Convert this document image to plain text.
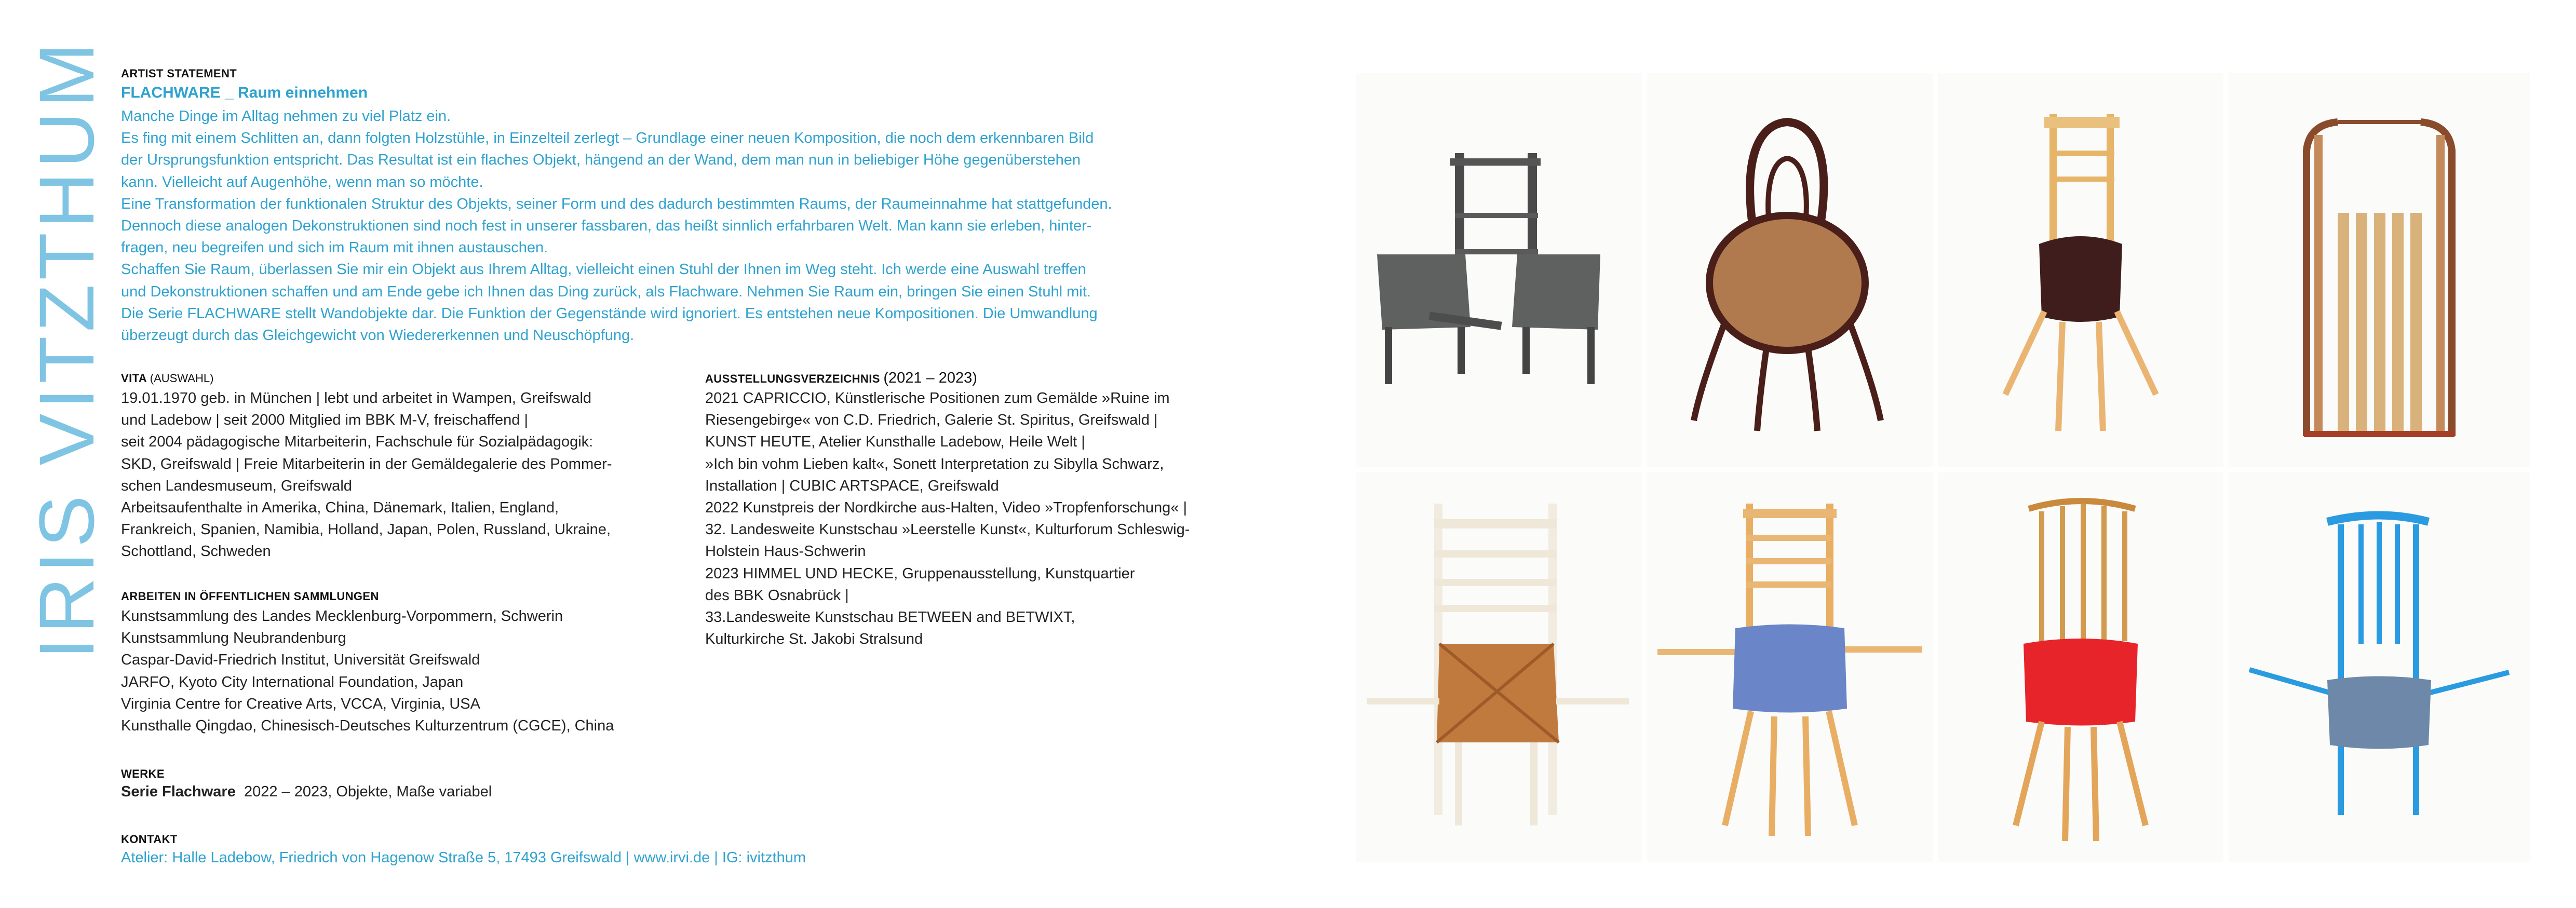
IRIS VITZTHUM ARTIST STATEMENT
FLACHWARE _ Raum einnehmen
Manche Dinge im Alltag nehmen zu viel Platz ein.
Es fing mit einem Schlitten an, dann folgten Holzstühle, in Einzelteil zerlegt – Grundlage einer neuen Komposition, die noch dem erkennbaren Bild
der Ursprungsfunktion entspricht. Das Resultat ist ein flaches Objekt, hängend an der Wand, dem man nun in beliebiger Höhe gegenüberstehen
kann. Vielleicht auf Augenhöhe, wenn man so möchte.
Eine Transformation der funktionalen Struktur des Objekts, seiner Form und des dadurch bestimmten Raums, der Raumeinnahme hat stattgefunden.
Dennoch diese analogen Dekonstruktionen sind noch fest in unserer fassbaren, das heißt sinnlich erfahrbaren Welt. Man kann sie erleben, hinter-
fragen, neu begreifen und sich im Raum mit ihnen austauschen.
Schaffen Sie Raum, überlassen Sie mir ein Objekt aus Ihrem Alltag, vielleicht einen Stuhl der Ihnen im Weg steht. Ich werde eine Auswahl treffen
und Dekonstruktionen schaffen und am Ende gebe ich Ihnen das Ding zurück, als Flachware. Nehmen Sie Raum ein, bringen Sie einen Stuhl mit.
Die Serie FLACHWARE stellt Wandobjekte dar. Die Funktion der Gegenstände wird ignoriert. Es entstehen neue Kompositionen. Die Umwandlung
überzeugt durch das Gleichgewicht von Wiedererkennen und Neuschöpfung.
VITA (AUSWAHL)
19.01.1970 geb. in München | lebt und arbeitet in Wampen, Greifswald
und Ladebow | seit 2000 Mitglied im BBK M-V, freischaffend |
seit 2004 pädagogische Mitarbeiterin, Fachschule für Sozialpädagogik:
SKD, Greifswald | Freie Mitarbeiterin in der Gemäldegalerie des Pommer-
schen Landesmuseum, Greifswald
Arbeitsaufenthalte in Amerika, China, Dänemark, Italien, England,
Frankreich, Spanien, Namibia, Holland, Japan, Polen, Russland, Ukraine,
Schottland, Schweden
AUSSTELLUNGSVERZEICHNIS (2021 – 2023)
2021 CAPRICCIO, Künstlerische Positionen zum Gemälde »Ruine im
Riesengebirge« von C.D. Friedrich, Galerie St. Spiritus, Greifswald |
KUNST HEUTE, Atelier Kunsthalle Ladebow, Heile Welt |
»Ich bin vohm Lieben kalt«, Sonett Interpretation zu Sibylla Schwarz,
Installation | CUBIC ARTSPACE, Greifswald
2022 Kunstpreis der Nordkirche aus-Halten, Video »Tropfenforschung« |
32. Landesweite Kunstschau »Leerstelle Kunst«, Kulturforum Schleswig-
Holstein Haus-Schwerin
2023 HIMMEL UND HECKE, Gruppenausstellung, Kunstquartier
des BBK Osnabrück |
33.Landesweite Kunstschau BETWEEN and BETWIXT,
Kulturkirche St. Jakobi Stralsund
ARBEITEN IN ÖFFENTLICHEN SAMMLUNGEN
Kunstsammlung des Landes Mecklenburg-Vorpommern, Schwerin
Kunstsammlung Neubrandenburg
Caspar-David-Friedrich Institut, Universität Greifswald
JARFO, Kyoto City International Foundation, Japan
Virginia Centre for Creative Arts, VCCA, Virginia, USA
Kunsthalle Qingdao, Chinesisch-Deutsches Kulturzentrum (CGCE), China
WERKE
Serie Flachware 2022 – 2023, Objekte, Maße variabel
KONTAKT
Atelier: Halle Ladebow, Friedrich von Hagenow Straße 5, 17493 Greifswald | www.irvi.de | IG: ivitzthum
